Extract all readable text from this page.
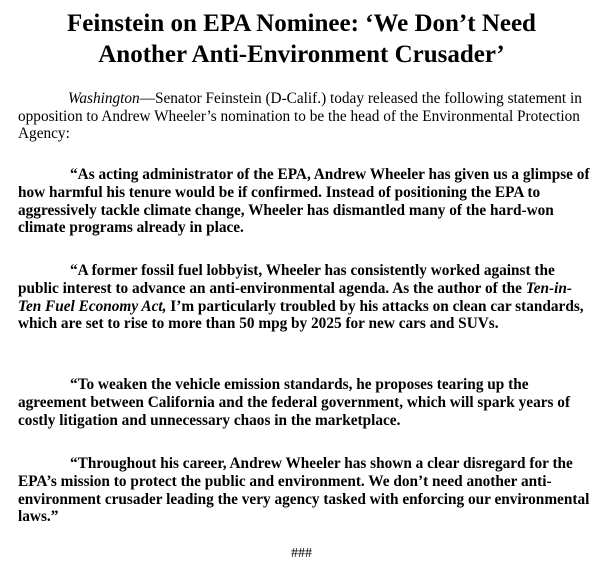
Feinstein on EPA Nominee: ‘We Don’t Need
Another Anti-Environment Crusader’

Washington—Senator Feinstein (D-Calif.) today released the following statement in opposition to Andrew Wheeler’s nomination to be the head of the Environmental Protection Agency:

“As acting administrator of the EPA, Andrew Wheeler has given us a glimpse of how harmful his tenure would be if confirmed. Instead of positioning the EPA to aggressively tackle climate change, Wheeler has dismantled many of the hard-won climate programs already in place.

“A former fossil fuel lobbyist, Wheeler has consistently worked against the public interest to advance an anti-environmental agenda. As the author of the Ten-in-Ten Fuel Economy Act, I’m particularly troubled by his attacks on clean car standards, which are set to rise to more than 50 mpg by 2025 for new cars and SUVs.

“To weaken the vehicle emission standards, he proposes tearing up the agreement between California and the federal government, which will spark years of costly litigation and unnecessary chaos in the marketplace.

“Throughout his career, Andrew Wheeler has shown a clear disregard for the EPA’s mission to protect the public and environment. We don’t need another anti-environment crusader leading the very agency tasked with enforcing our environmental laws.”

###
